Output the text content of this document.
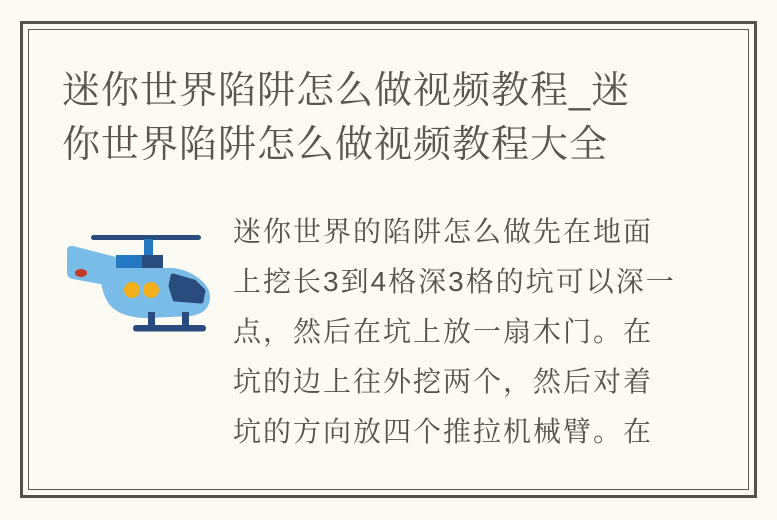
迷你世界陷阱怎么做视频教程_迷
你世界陷阱怎么做视频教程大全
迷你世界的陷阱怎么做先在地面
上挖长3到4格深3格的坑可以深一
点，然后在坑上放一扇木门。在
坑的边上往外挖两个，然后对着
坑的方向放四个推拉机械臂。在
